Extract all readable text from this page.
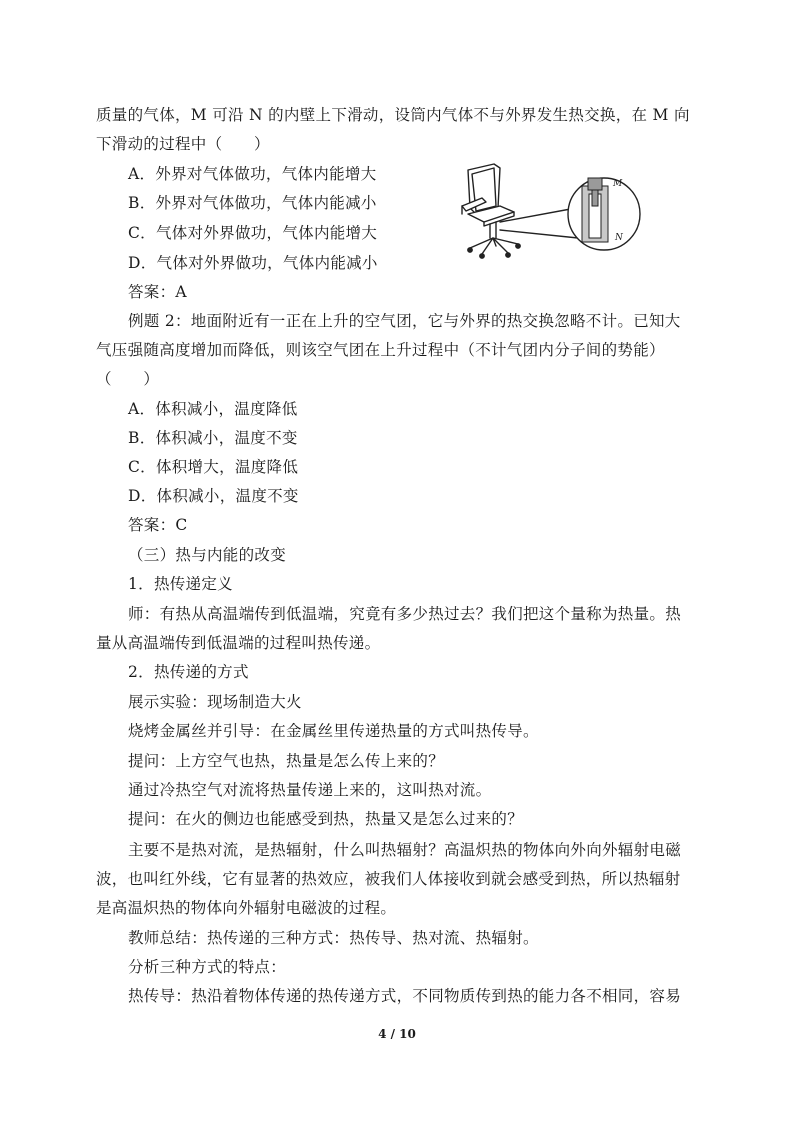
质量的气体，M 可沿 N 的内壁上下滑动，设筒内气体不与外界发生热交换，在 M 向
下滑动的过程中（　　）
A．外界对气体做功，气体内能增大
B．外界对气体做功，气体内能减小
C．气体对外界做功，气体内能增大
D．气体对外界做功，气体内能减小
答案：A
例题 2：地面附近有一正在上升的空气团，它与外界的热交换忽略不计。已知大
气压强随高度增加而降低，则该空气团在上升过程中（不计气团内分子间的势能）
（　　）
A．体积减小，温度降低
B．体积减小，温度不变
C．体积增大，温度降低
D．体积减小，温度不变
答案：C
（三）热与内能的改变
1．热传递定义
师：有热从高温端传到低温端，究竟有多少热过去？我们把这个量称为热量。热
量从高温端传到低温端的过程叫热传递。
2．热传递的方式
展示实验：现场制造大火
烧烤金属丝并引导：在金属丝里传递热量的方式叫热传导。
提问：上方空气也热，热量是怎么传上来的？
通过冷热空气对流将热量传递上来的，这叫热对流。
提问：在火的侧边也能感受到热，热量又是怎么过来的？
主要不是热对流，是热辐射，什么叫热辐射？高温炽热的物体向外向外辐射电磁
波，也叫红外线，它有显著的热效应，被我们人体接收到就会感受到热，所以热辐射
是高温炽热的物体向外辐射电磁波的过程。
教师总结：热传递的三种方式：热传导、热对流、热辐射。
分析三种方式的特点：
热传导：热沿着物体传递的热传递方式，不同物质传到热的能力各不相同，容易
M
N
4 / 10
